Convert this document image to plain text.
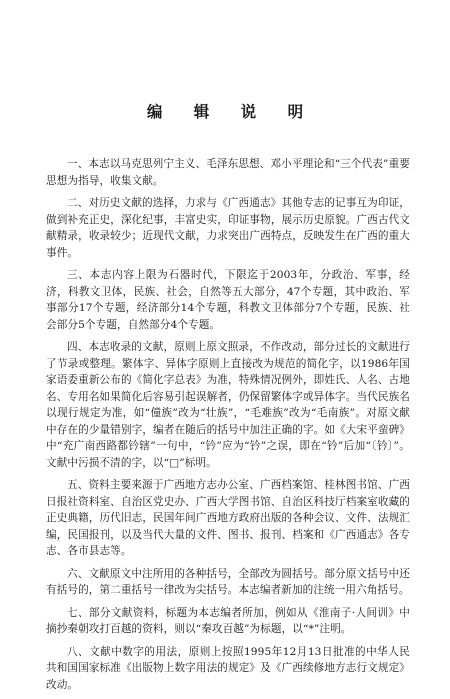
编 辑 说 明

一、本志以马克思列宁主义、毛泽东思想、邓小平理论和“三个代表”重要思想为指导，收集文献。

二、对历史文献的选择，力求与《广西通志》其他专志的记事互为印证，做到补充正史，深化纪事，丰富史实，印证事物，展示历史原貌。广西古代文献精录，收录较少；近现代文献，力求突出广西特点，反映发生在广西的重大事件。

三、本志内容上限为石器时代，下限迄于2003年，分政治、军事，经济，科教文卫体，民族、社会，自然等五大部分，47个专题，其中政治、军事部分17个专题，经济部分14个专题，科教文卫体部分7个专题，民族、社会部分5个专题，自然部分4个专题。

四、本志收录的文献，原则上原文照录，不作改动，部分过长的文献进行了节录或整理。繁体字、异体字原则上直接改为规范的简化字，以1986年国家语委重新公布的《简化字总表》为准，特殊情况例外，即姓氏、人名、古地名、专用名如果简化后容易引起误解者，仍保留繁体字或异体字。当代民族名以现行规定为准，如“僮族”改为“壮族”，“毛难族”改为“毛南族”。对原文献中存在的少量错别字，编者在随后的括号中加注正确的字。如《大宋平蛮碑》中“充广南西路都钤辖”一句中，“钤”应为“钤”之误，即在“钤”后加“〔钤〕”。文献中污损不清的字，以“□”标明。

五、资料主要来源于广西地方志办公室、广西档案馆、桂林图书馆、广西日报社资料室、自治区党史办、广西大学图书馆、自治区科技厅档案室收藏的正史典籍，历代旧志，民国年间广西地方政府出版的各种会议、文件、法规汇编，民国报刊，以及当代大量的文件、图书、报刊、档案和《广西通志》各专志、各市县志等。

六、文献原文中注所用的各种括号，全部改为圆括号。部分原文括号中还有括号的，第二重括号一律改为尖括号。本志编者新加的注统一用六角括号。

七、部分文献资料，标题为本志编者所加，例如从《淮南子·人间训》中摘抄秦朝攻打百越的资料，则以“秦攻百越”为标题，以“*”注明。

八、文献中数字的用法，原则上按照1995年12月13日批准的中华人民共和国国家标准《出版物上数字用法的规定》及《广西续修地方志行文规定》改动。
